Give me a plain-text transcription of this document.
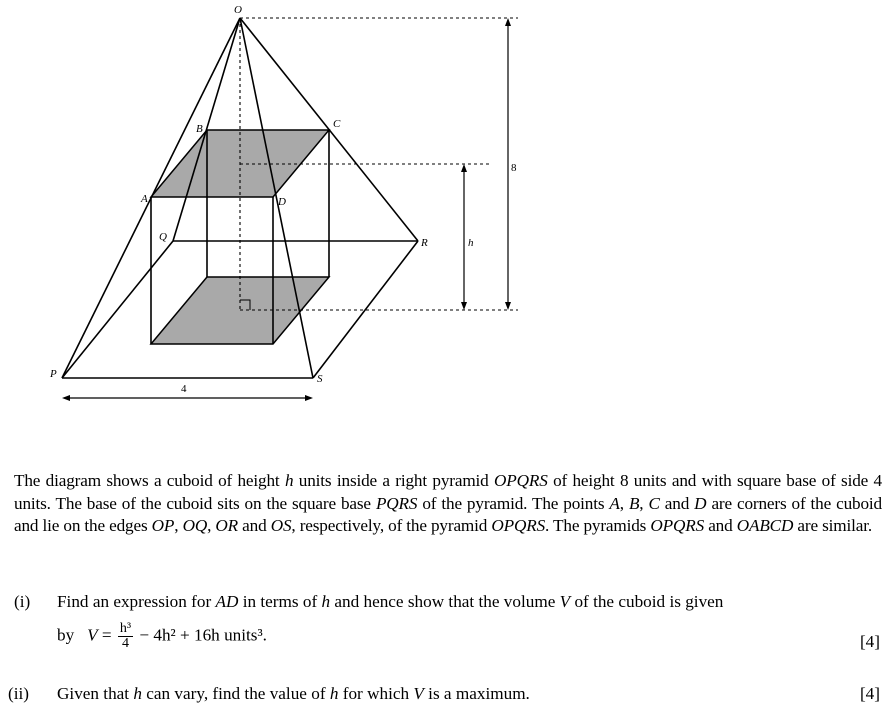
O
B	C
A	D
Q	R
P	S
4
8
h
The diagram shows a cuboid of height h units inside a right pyramid OPQRS of height 8 units and with square base of side 4 units. The base of the cuboid sits on the square base PQRS of the pyramid. The points A, B, C and D are corners of the cuboid and lie on the edges OP, OQ, OR and OS, respectively, of the pyramid OPQRS. The pyramids OPQRS and OABCD are similar.
(i) Find an expression for AD in terms of h and hence show that the volume V of the cuboid is given
by $V = \frac{\text{h³}}{4} - 4h^2 + 16h$ units³.	[4]
(ii) Given that h can vary, find the value of h for which V is a maximum.	[4]
